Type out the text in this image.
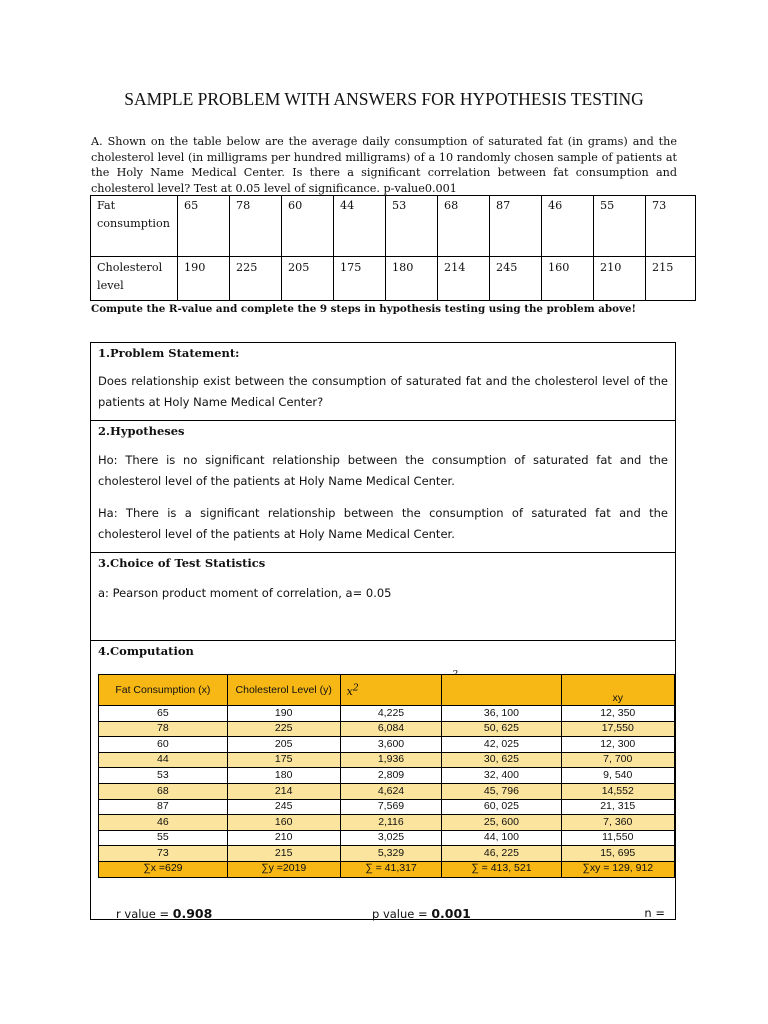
SAMPLE PROBLEM WITH ANSWERS FOR HYPOTHESIS TESTING
A. Shown on the table below are the average daily consumption of saturated fat (in grams) and the cholesterol level (in milligrams per hundred milligrams) of a 10 randomly chosen sample of patients at the Holy Name Medical Center. Is there a significant correlation between fat consumption and cholesterol level? Test at 0.05 level of significance. p-value0.001
Fat consumption	65	78	60	44	53	68	87	46	55	73
Cholesterol level	190	225	205	175	180	214	245	160	210	215
Compute the R-value and complete the 9 steps in hypothesis testing using the problem above!
1.Problem Statement:
Does relationship exist between the consumption of saturated fat and the cholesterol level of the patients at Holy Name Medical Center?
2.Hypotheses
Ho: There is no significant relationship between the consumption of saturated fat and the cholesterol level of the patients at Holy Name Medical Center.
Ha: There is a significant relationship between the consumption of saturated fat and the cholesterol level of the patients at Holy Name Medical Center.
3.Choice of Test Statistics
a: Pearson product moment of correlation, a= 0.05
4.Computation
Fat Consumption (x)	Cholesterol Level (y)	$x^2$		xy
65	190	4,225	36, 100	12, 350
78	225	6,084	50, 625	17,550
60	205	3,600	42, 025	12, 300
44	175	1,936	30, 625	7, 700
53	180	2,809	32, 400	9, 540
68	214	4,624	45, 796	14,552
87	245	7,569	60, 025	21, 315
46	160	2,116	25, 600	7, 360
55	210	3,025	44, 100	11,550
73	215	5,329	46, 225	15, 695
∑x =629	∑y =2019	∑ = 41,317	∑ = 413, 521	∑xy = 129, 912
r value = 0.908	p value = 0.001	n =
